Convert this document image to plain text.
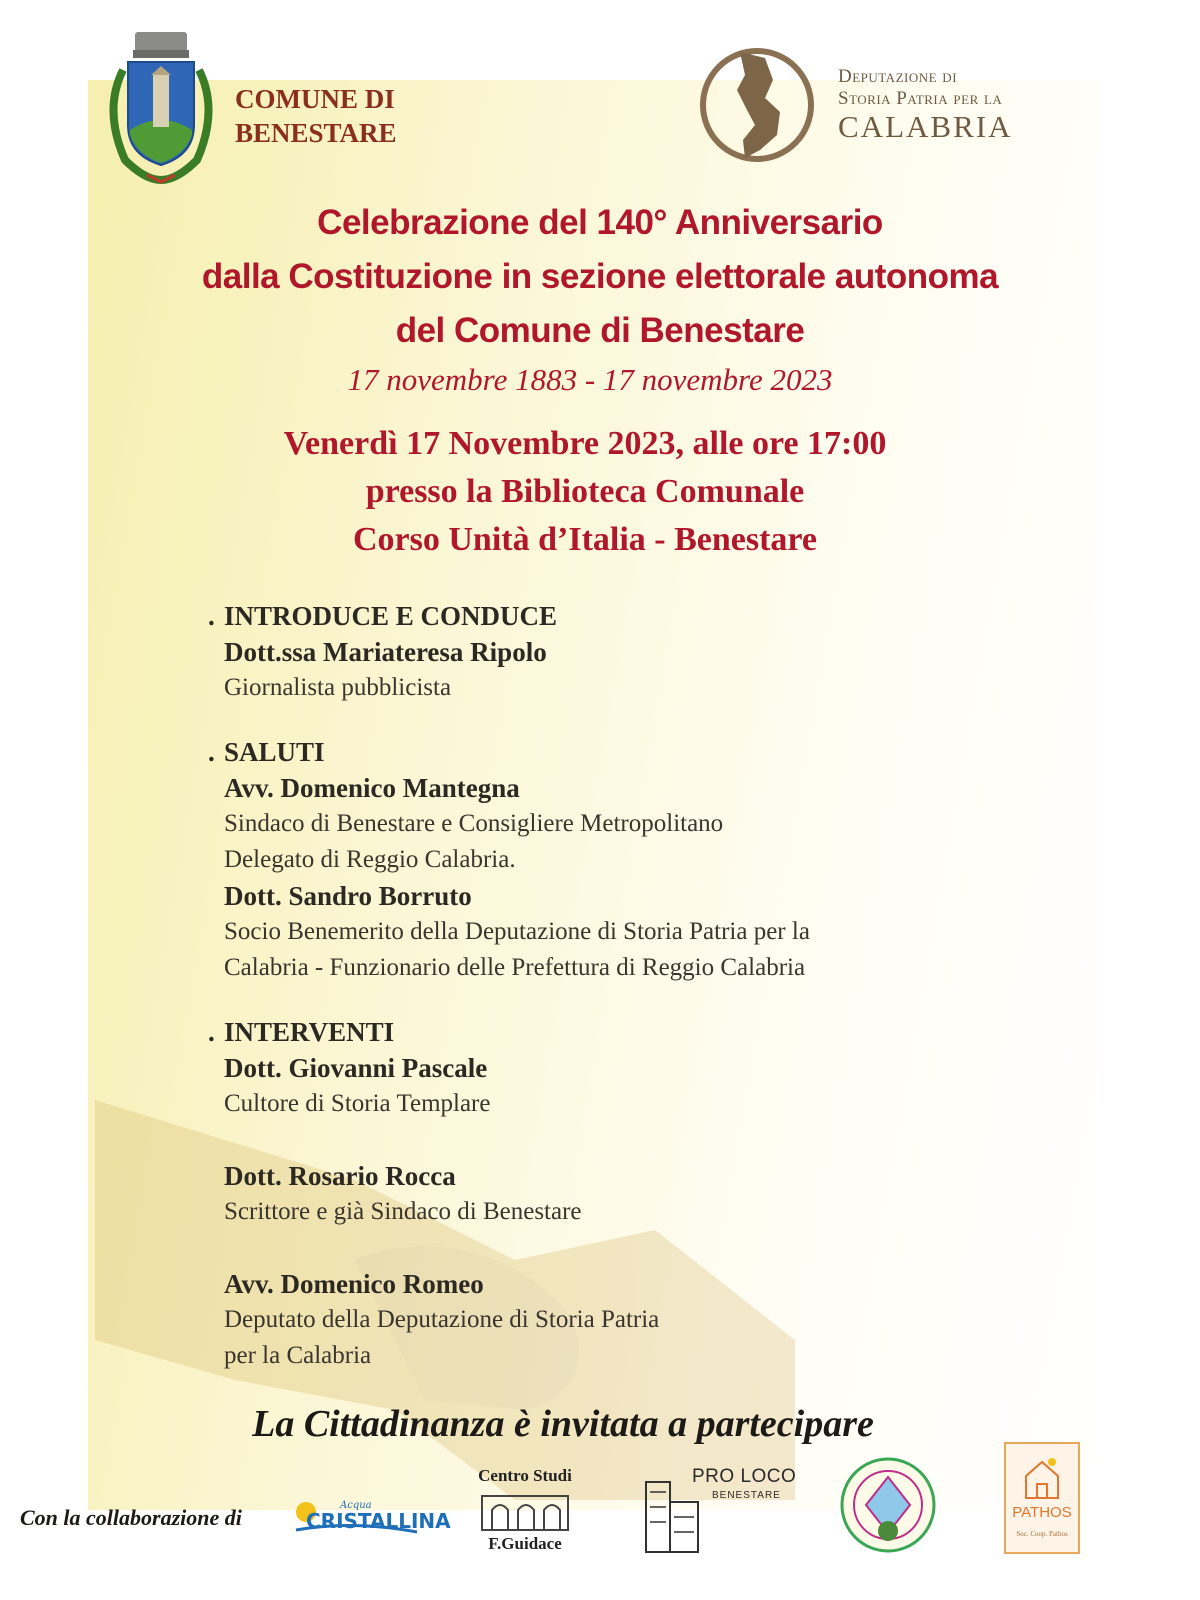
COMUNE DI
BENESTARE
Deputazione di
Storia Patria per la
CALABRIA
Celebrazione del 140° Anniversario
dalla Costituzione in sezione elettorale autonoma
del Comune di Benestare
17 novembre 1883 - 17 novembre 2023
Venerdì 17 Novembre 2023, alle ore 17:00
presso la Biblioteca Comunale
Corso Unità d’Italia - Benestare
. INTRODUCE E CONDUCE
Dott.ssa Mariateresa Ripolo
Giornalista pubblicista
. SALUTI
Avv. Domenico Mantegna
Sindaco di Benestare e Consigliere Metropolitano
Delegato di Reggio Calabria.
Dott. Sandro Borruto
Socio Benemerito della Deputazione di Storia Patria per la
Calabria - Funzionario delle Prefettura di Reggio Calabria
. INTERVENTI
Dott. Giovanni Pascale
Cultore di Storia Templare
Dott. Rosario Rocca
Scrittore e già Sindaco di Benestare
Avv. Domenico Romeo
Deputato della Deputazione di Storia Patria
per la Calabria
La Cittadinanza è invitata a partecipare
Con la collaborazione di	CRISTALLINA
Acqua
Centro Studi
F.Guidace
PRO LOCO
BENESTARE
PATHOS
Soc. Coop. Pathos
